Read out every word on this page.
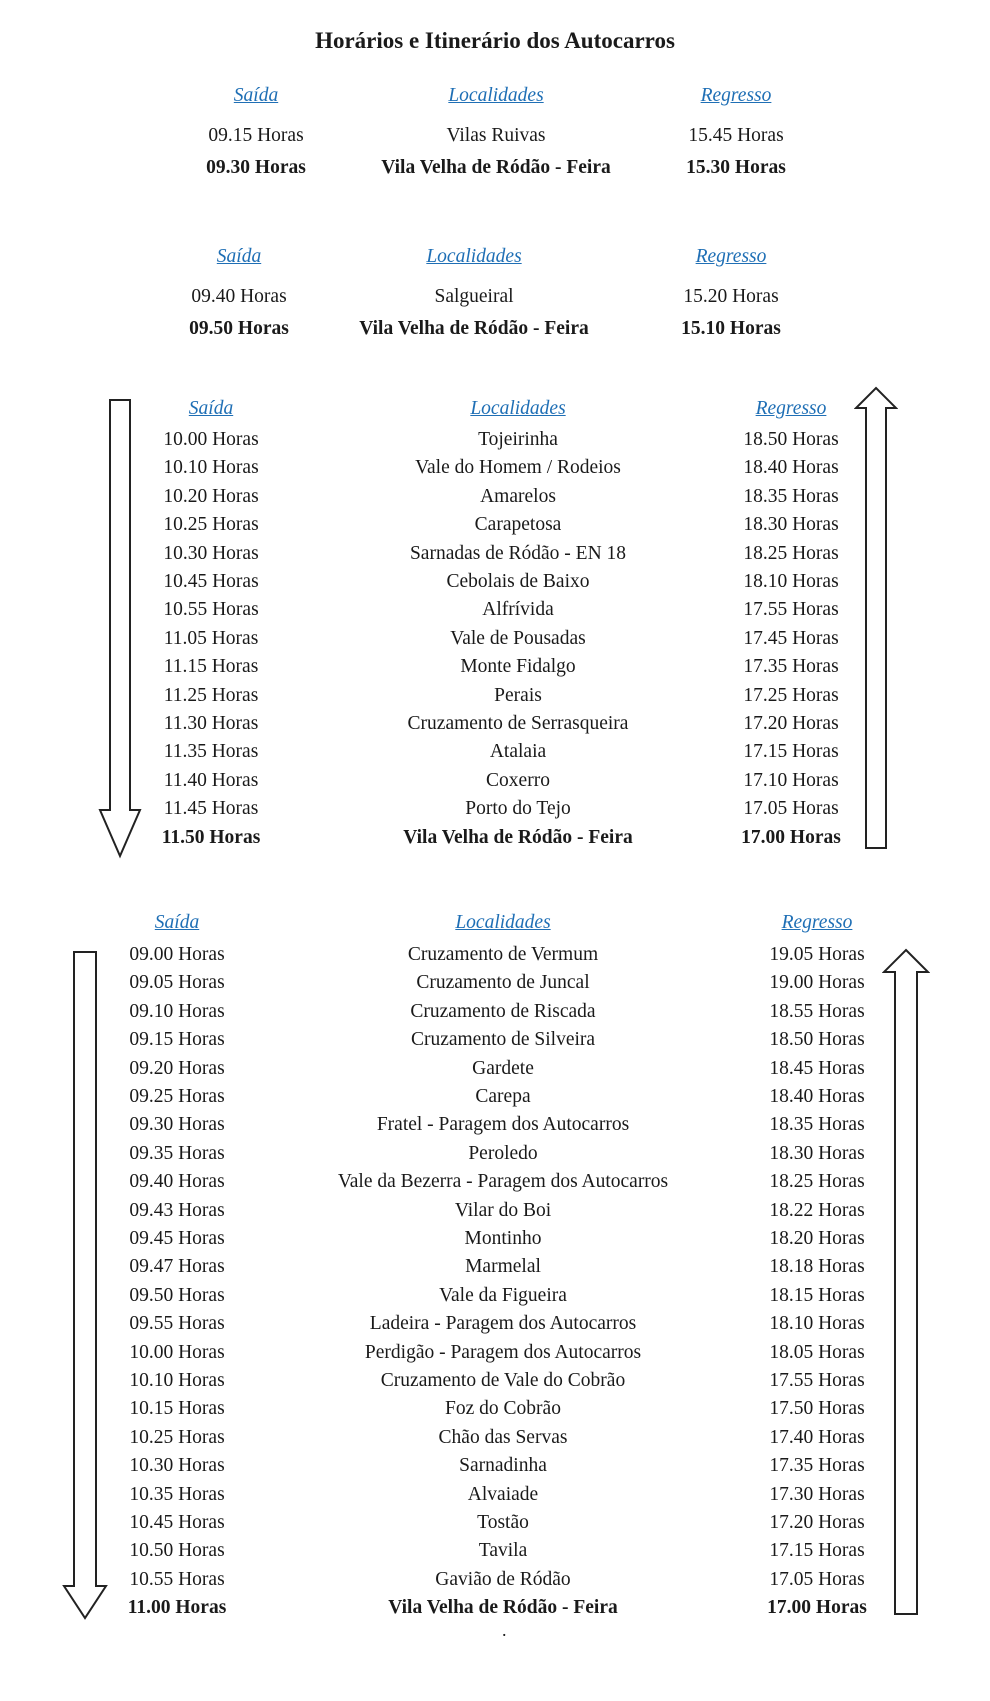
Horários e Itinerário dos Autocarros
Saída	Localidades	Regresso
09.15 Horas	Vilas Ruivas	15.45 Horas
09.30 Horas	Vila Velha de Ródão - Feira	15.30 Horas
Saída	Localidades	Regresso
09.40 Horas	Salgueiral	15.20 Horas
09.50 Horas	Vila Velha de Ródão - Feira	15.10 Horas
Saída	Localidades	Regresso
10.00 Horas	Tojeirinha	18.50 Horas
10.10 Horas	Vale do Homem / Rodeios	18.40 Horas
10.20 Horas	Amarelos	18.35 Horas
10.25 Horas	Carapetosa	18.30 Horas
10.30 Horas	Sarnadas de Ródão - EN 18	18.25 Horas
10.45 Horas	Cebolais de Baixo	18.10 Horas
10.55 Horas	Alfrívida	17.55 Horas
11.05 Horas	Vale de Pousadas	17.45 Horas
11.15 Horas	Monte Fidalgo	17.35 Horas
11.25 Horas	Perais	17.25 Horas
11.30 Horas	Cruzamento de Serrasqueira	17.20 Horas
11.35 Horas	Atalaia	17.15 Horas
11.40 Horas	Coxerro	17.10 Horas
11.45 Horas	Porto do Tejo	17.05 Horas
11.50 Horas	Vila Velha de Ródão - Feira	17.00 Horas
Saída	Localidades	Regresso
09.00 Horas	Cruzamento de Vermum	19.05 Horas
09.05 Horas	Cruzamento de Juncal	19.00 Horas
09.10 Horas	Cruzamento de Riscada	18.55 Horas
09.15 Horas	Cruzamento de Silveira	18.50 Horas
09.20 Horas	Gardete	18.45 Horas
09.25 Horas	Carepa	18.40 Horas
09.30 Horas	Fratel - Paragem dos Autocarros	18.35 Horas
09.35 Horas	Peroledo	18.30 Horas
09.40 Horas	Vale da Bezerra - Paragem dos Autocarros	18.25 Horas
09.43 Horas	Vilar do Boi	18.22 Horas
09.45 Horas	Montinho	18.20 Horas
09.47 Horas	Marmelal	18.18 Horas
09.50 Horas	Vale da Figueira	18.15 Horas
09.55 Horas	Ladeira - Paragem dos Autocarros	18.10 Horas
10.00 Horas	Perdigão - Paragem dos Autocarros	18.05 Horas
10.10 Horas	Cruzamento de Vale do Cobrão	17.55 Horas
10.15 Horas	Foz do Cobrão	17.50 Horas
10.25 Horas	Chão das Servas	17.40 Horas
10.30 Horas	Sarnadinha	17.35 Horas
10.35 Horas	Alvaiade	17.30 Horas
10.45 Horas	Tostão	17.20 Horas
10.50 Horas	Tavila	17.15 Horas
10.55 Horas	Gavião de Ródão	17.05 Horas
11.00 Horas	Vila Velha de Ródão - Feira	17.00 Horas
.
